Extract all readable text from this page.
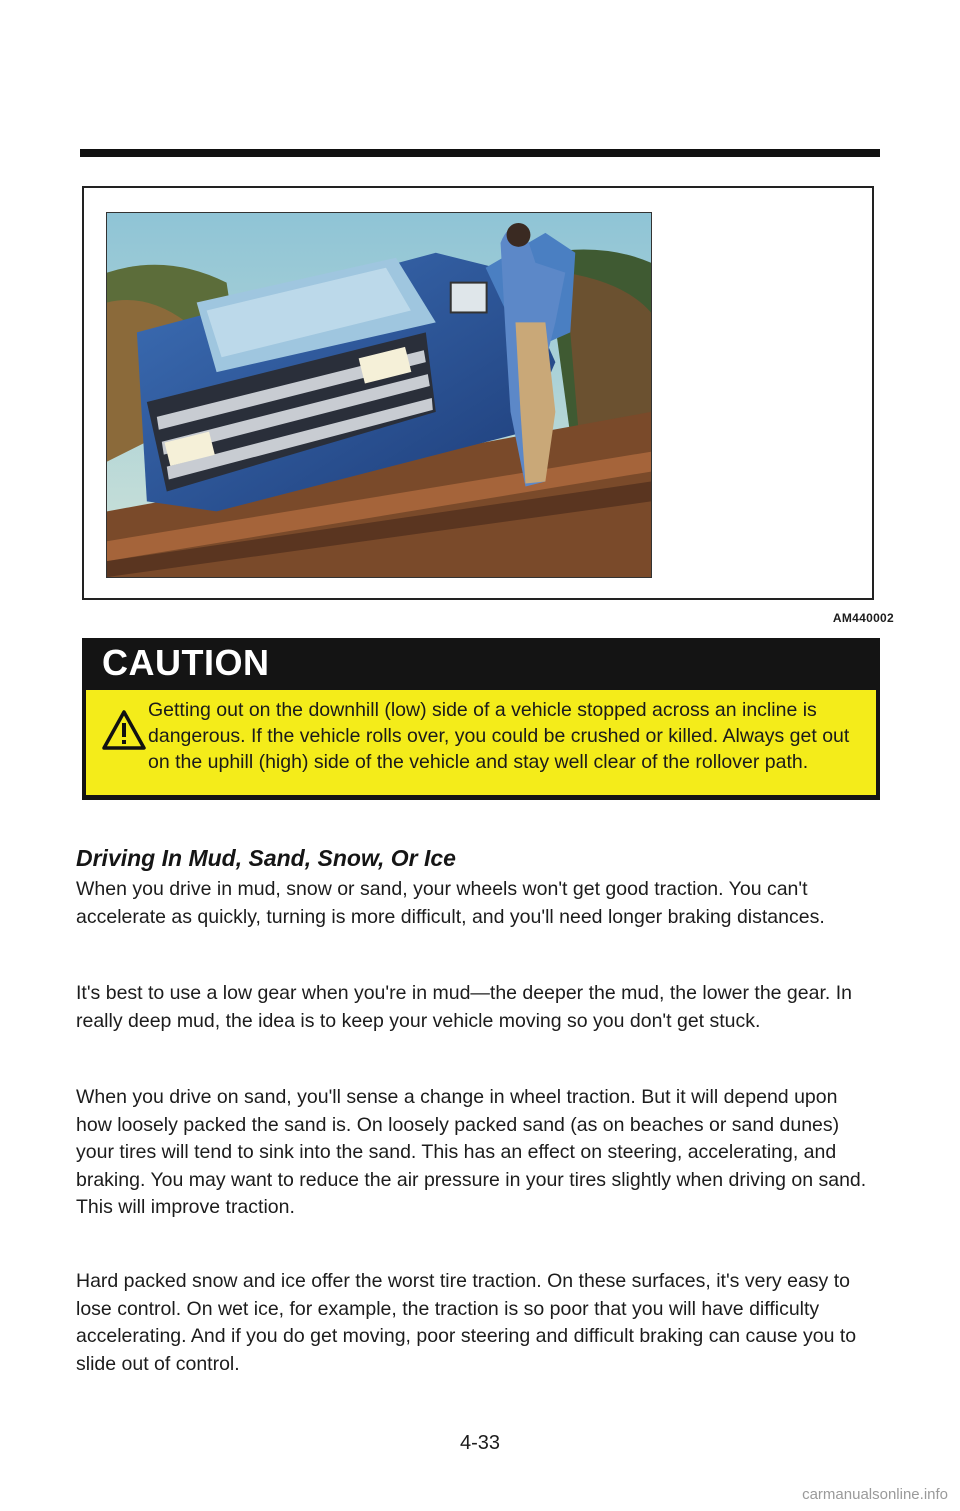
AM440002
CAUTION
Getting out on the downhill (low) side of a vehicle stopped across an incline is dangerous. If the vehicle rolls over, you could be crushed or killed. Always get out on the uphill (high) side of the vehicle and stay well clear of the rollover path.
Driving In Mud, Sand, Snow, Or Ice

When you drive in mud, snow or sand, your wheels won't get good traction. You can't accelerate as quickly, turning is more difficult, and you'll need longer braking distances.

It's best to use a low gear when you're in mud—the deeper the mud, the lower the gear. In really deep mud, the idea is to keep your vehicle moving so you don't get stuck.

When you drive on sand, you'll sense a change in wheel traction. But it will depend upon how loosely packed the sand is. On loosely packed sand (as on beaches or sand dunes) your tires will tend to sink into the sand. This has an effect on steering, accelerating, and braking. You may want to reduce the air pressure in your tires slightly when driving on sand. This will improve traction.

Hard packed snow and ice offer the worst tire traction. On these surfaces, it's very easy to lose control. On wet ice, for example, the traction is so poor that you will have difficulty accelerating. And if you do get moving, poor steering and difficult braking can cause you to slide out of control.

4-33
carmanualsonline.info
